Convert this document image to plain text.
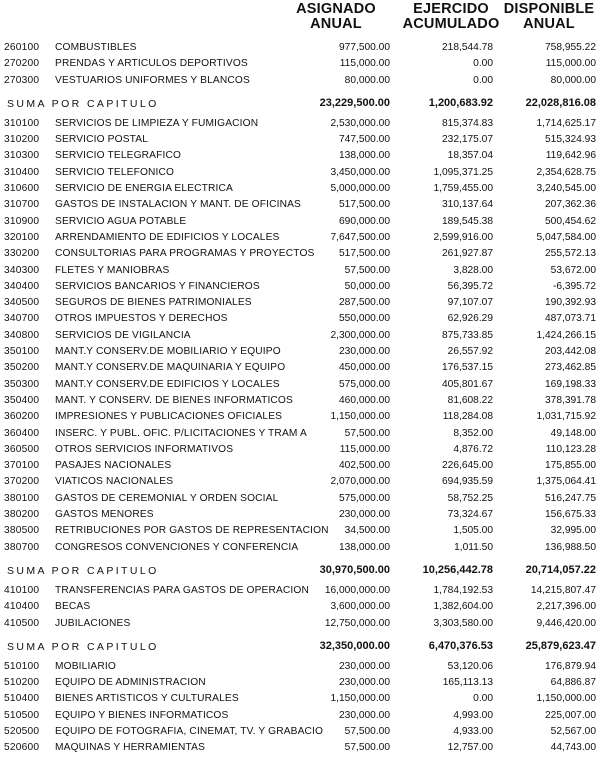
ASIGNADO
ANUAL
EJERCIDO
ACUMULADO
DISPONIBLE
ANUAL
260100	COMBUSTIBLES	977,500.00	218,544.78	758,955.22
270200	PRENDAS Y ARTICULOS DEPORTIVOS	115,000.00	0.00	115,000.00
270300	VESTUARIOS UNIFORMES Y BLANCOS	80,000.00	0.00	80,000.00
SUMA POR CAPITULO	23,229,500.00	1,200,683.92	22,028,816.08
310100	SERVICIOS DE LIMPIEZA Y FUMIGACION	2,530,000.00	815,374.83	1,714,625.17
310200	SERVICIO POSTAL	747,500.00	232,175.07	515,324.93
310300	SERVICIO TELEGRAFICO	138,000.00	18,357.04	119,642.96
310400	SERVICIO TELEFONICO	3,450,000.00	1,095,371.25	2,354,628.75
310600	SERVICIO DE ENERGIA ELECTRICA	5,000,000.00	1,759,455.00	3,240,545.00
310700	GASTOS DE INSTALACION Y MANT. DE OFICINAS	517,500.00	310,137.64	207,362.36
310900	SERVICIO AGUA POTABLE	690,000.00	189,545.38	500,454.62
320100	ARRENDAMIENTO DE EDIFICIOS Y LOCALES	7,647,500.00	2,599,916.00	5,047,584.00
330200	CONSULTORIAS PARA PROGRAMAS Y PROYECTOS 517,500.00	261,927.87	255,572.13
340300	FLETES Y MANIOBRAS	57,500.00	3,828.00	53,672.00
340400	SERVICIOS BANCARIOS Y FINANCIEROS	50,000.00	56,395.72	-6,395.72
340500	SEGUROS DE BIENES PATRIMONIALES	287,500.00	97,107.07	190,392.93
340700	OTROS IMPUESTOS Y DERECHOS	550,000.00	62,926.29	487,073.71
340800	SERVICIOS DE VIGILANCIA	2,300,000.00	875,733.85	1,424,266.15
350100	MANT.Y CONSERV.DE MOBILIARIO Y EQUIPO	230,000.00	26,557.92	203,442.08
350200	MANT.Y CONSERV.DE MAQUINARIA Y EQUIPO	450,000.00	176,537.15	273,462.85
350300	MANT.Y CONSERV.DE EDIFICIOS Y LOCALES	575,000.00	405,801.67	169,198.33
350400	MANT. Y CONSERV. DE BIENES INFORMATICOS	460,000.00	81,608.22	378,391.78
360200	IMPRESIONES Y PUBLICACIONES OFICIALES	1,150,000.00	118,284.08	1,031,715.92
360400	INSERC. Y PUBL. OFIC. P/LICITACIONES Y TRAM A	57,500.00	8,352.00	49,148.00
360500	OTROS SERVICIOS INFORMATIVOS	115,000.00	4,876.72	110,123.28
370100	PASAJES NACIONALES	402,500.00	226,645.00	175,855.00
370200	VIATICOS NACIONALES	2,070,000.00	694,935.59	1,375,064.41
380100	GASTOS DE CEREMONIAL Y ORDEN SOCIAL	575,000.00	58,752.25	516,247.75
380200	GASTOS MENORES	230,000.00	73,324.67	156,675.33
380500	RETRIBUCIONES POR GASTOS DE REPRESENTACION 34,500.00	1,505.00	32,995.00
380700	CONGRESOS CONVENCIONES Y CONFERENCIA	138,000.00	1,011.50	136,988.50
SUMA POR CAPITULO	30,970,500.00	10,256,442.78	20,714,057.22
410100	TRANSFERENCIAS PARA GASTOS DE OPERACION 16,000,000.00	1,784,192.53	14,215,807.47
410400	BECAS	3,600,000.00	1,382,604.00	2,217,396.00
410500	JUBILACIONES	12,750,000.00	3,303,580.00	9,446,420.00
SUMA POR CAPITULO	32,350,000.00	6,470,376.53	25,879,623.47
510100	MOBILIARIO	230,000.00	53,120.06	176,879.94
510200	EQUIPO DE ADMINISTRACION	230,000.00	165,113.13	64,886.87
510400	BIENES ARTISTICOS Y CULTURALES	1,150,000.00	0.00	1,150,000.00
510500	EQUIPO Y BIENES INFORMATICOS	230,000.00	4,993.00	225,007.00
520500	EQUIPO DE FOTOGRAFIA, CINEMAT, TV. Y GRABACIO 57,500.00	4,933.00	52,567.00
520600	MAQUINAS Y HERRAMIENTAS	57,500.00	12,757.00	44,743.00
